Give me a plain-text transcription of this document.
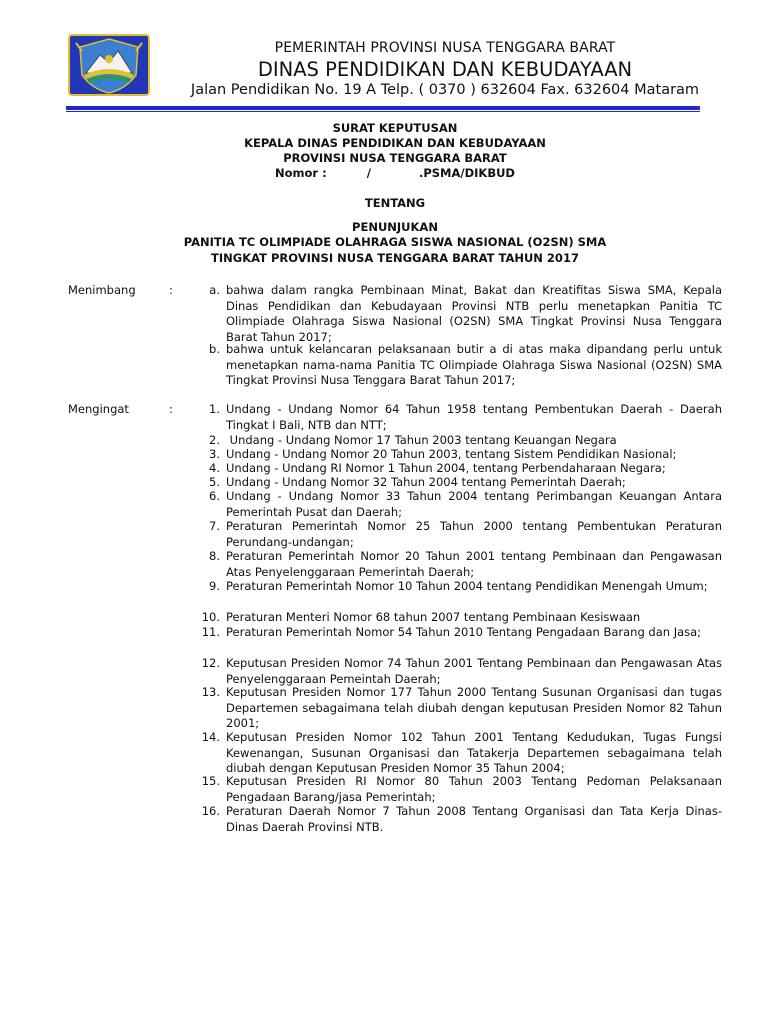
PEMERINTAH PROVINSI NUSA TENGGARA BARAT
DINAS PENDIDIKAN DAN KEBUDAYAAN
Jalan Pendidikan No. 19 A Telp. ( 0370 ) 632604 Fax. 632604 Mataram
SURAT KEPUTUSAN
KEPALA DINAS PENDIDIKAN DAN KEBUDAYAAN
PROVINSI NUSA TENGGARA BARAT
Nomor :          /            .PSMA/DIKBUD
TENTANG
PENUNJUKAN
PANITIA TC OLIMPIADE OLAHRAGA SISWA NASIONAL (O2SN) SMA
TINGKAT PROVINSI NUSA TENGGARA BARAT TAHUN 2017
Menimbang	:	a. bahwa dalam rangka Pembinaan Minat, Bakat dan Kreatifitas Siswa SMA, Kepala Dinas Pendidikan dan Kebudayaan Provinsi NTB perlu menetapkan Panitia TC Olimpiade Olahraga Siswa Nasional (O2SN) SMA Tingkat Provinsi Nusa Tenggara Barat Tahun 2017;
b. bahwa untuk kelancaran pelaksanaan butir a di atas maka dipandang perlu untuk menetapkan nama-nama Panitia TC Olimpiade Olahraga Siswa Nasional (O2SN) SMA Tingkat Provinsi Nusa Tenggara Barat Tahun 2017;
Mengingat	:	1. Undang - Undang Nomor 64 Tahun 1958 tentang Pembentukan Daerah - Daerah Tingkat I Bali, NTB dan NTT;
2. Undang - Undang Nomor 17 Tahun 2003 tentang Keuangan Negara
3. Undang - Undang Nomor 20 Tahun 2003, tentang Sistem Pendidikan Nasional;
4. Undang - Undang RI Nomor 1 Tahun 2004, tentang Perbendaharaan Negara;
5. Undang - Undang Nomor 32 Tahun 2004 tentang Pemerintah Daerah;
6. Undang - Undang Nomor 33 Tahun 2004 tentang Perimbangan Keuangan Antara Pemerintah Pusat dan Daerah;
7. Peraturan Pemerintah Nomor 25 Tahun 2000 tentang Pembentukan Peraturan Perundang-undangan;
8. Peraturan Pemerintah Nomor 20 Tahun 2001 tentang Pembinaan dan Pengawasan Atas Penyelenggaraan Pemerintah Daerah;
9. Peraturan Pemerintah Nomor 10 Tahun 2004 tentang Pendidikan Menengah Umum;
10. Peraturan Menteri Nomor 68 tahun 2007 tentang Pembinaan Kesiswaan
11. Peraturan Pemerintah Nomor 54 Tahun 2010 Tentang Pengadaan Barang dan Jasa;
12. Keputusan Presiden Nomor 74 Tahun 2001 Tentang Pembinaan dan Pengawasan Atas Penyelenggaraan Pemeintah Daerah;
13. Keputusan Presiden Nomor 177 Tahun 2000 Tentang Susunan Organisasi dan tugas Departemen sebagaimana telah diubah dengan keputusan Presiden Nomor 82 Tahun 2001;
14. Keputusan Presiden Nomor 102 Tahun 2001 Tentang Kedudukan, Tugas Fungsi Kewenangan, Susunan Organisasi dan Tatakerja Departemen sebagaimana telah diubah dengan Keputusan Presiden Nomor 35 Tahun 2004;
15. Keputusan Presiden RI Nomor 80 Tahun 2003 Tentang Pedoman Pelaksanaan Pengadaan Barang/jasa Pemerintah;
16. Peraturan Daerah Nomor 7 Tahun 2008 Tentang Organisasi dan Tata Kerja Dinas-Dinas Daerah Provinsi NTB.
